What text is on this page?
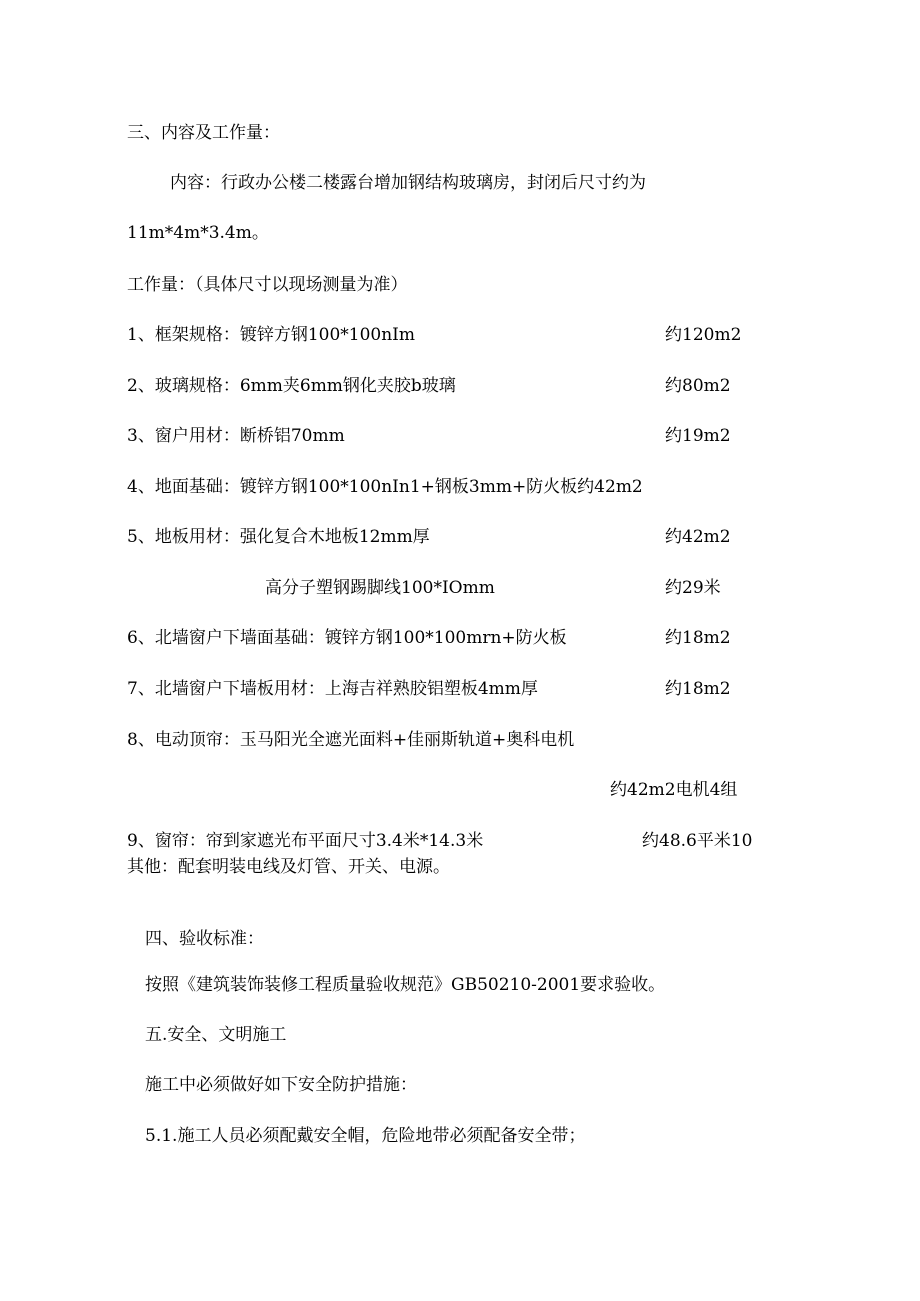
三、内容及工作量：
内容：行政办公楼二楼露台增加钢结构玻璃房，封闭后尺寸约为
11m*4m*3.4m。
工作量：（具体尺寸以现场测量为准）
1、框架规格：镀锌方钢100*100nIm	约120m2
2、玻璃规格：6mm夹6mm钢化夹胶b玻璃	约80m2
3、窗户用材：断桥铝70mm	约19m2
4、地面基础：镀锌方钢100*100nIn1+钢板3mm+防火板约42m2
5、地板用材：强化复合木地板12mm厚	约42m2
高分子塑钢踢脚线100*IOmm	约29米
6、北墙窗户下墙面基础：镀锌方钢100*100mrn+防火板	约18m2
7、北墙窗户下墙板用材：上海吉祥熟胶铝塑板4mm厚	约18m2
8、电动顶帘：玉马阳光全遮光面料+佳丽斯轨道+奥科电机
约42m2电机4组
9、窗帘：帘到家遮光布平面尺寸3.4米*14.3米	约48.6平米10
其他：配套明装电线及灯管、开关、电源。
四、验收标准：
按照《建筑装饰装修工程质量验收规范》GB50210-2001要求验收。
五.安全、文明施工
施工中必须做好如下安全防护措施：
5.1.施工人员必须配戴安全帽，危险地带必须配备安全带；
